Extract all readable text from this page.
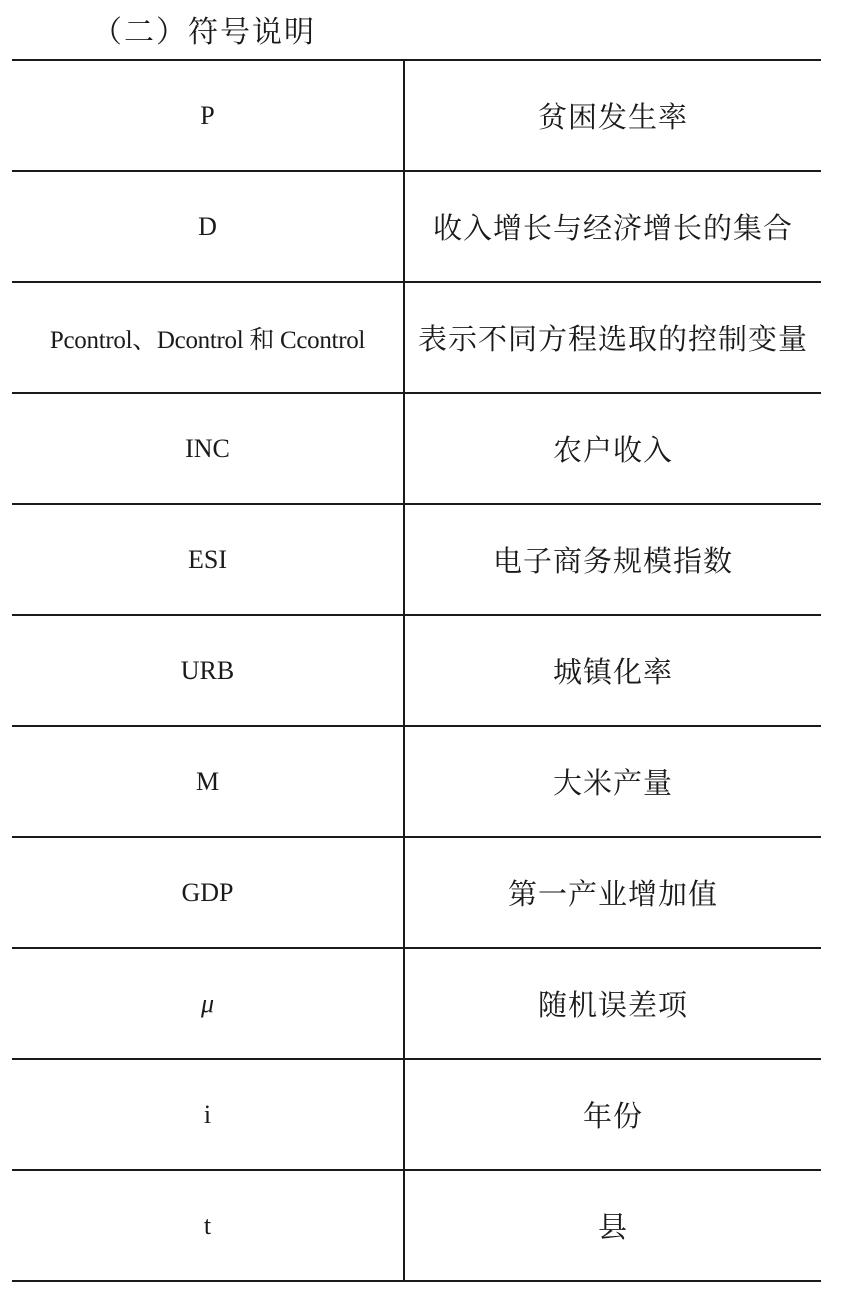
（二）符号说明
P	贫困发生率
D	收入增长与经济增长的集合
Pcontrol、Dcontrol 和 Ccontrol	表示不同方程选取的控制变量
INC	农户收入
ESI	电子商务规模指数
URB	城镇化率
M	大米产量
GDP	第一产业增加值
μ	随机误差项
i	年份
t	县
